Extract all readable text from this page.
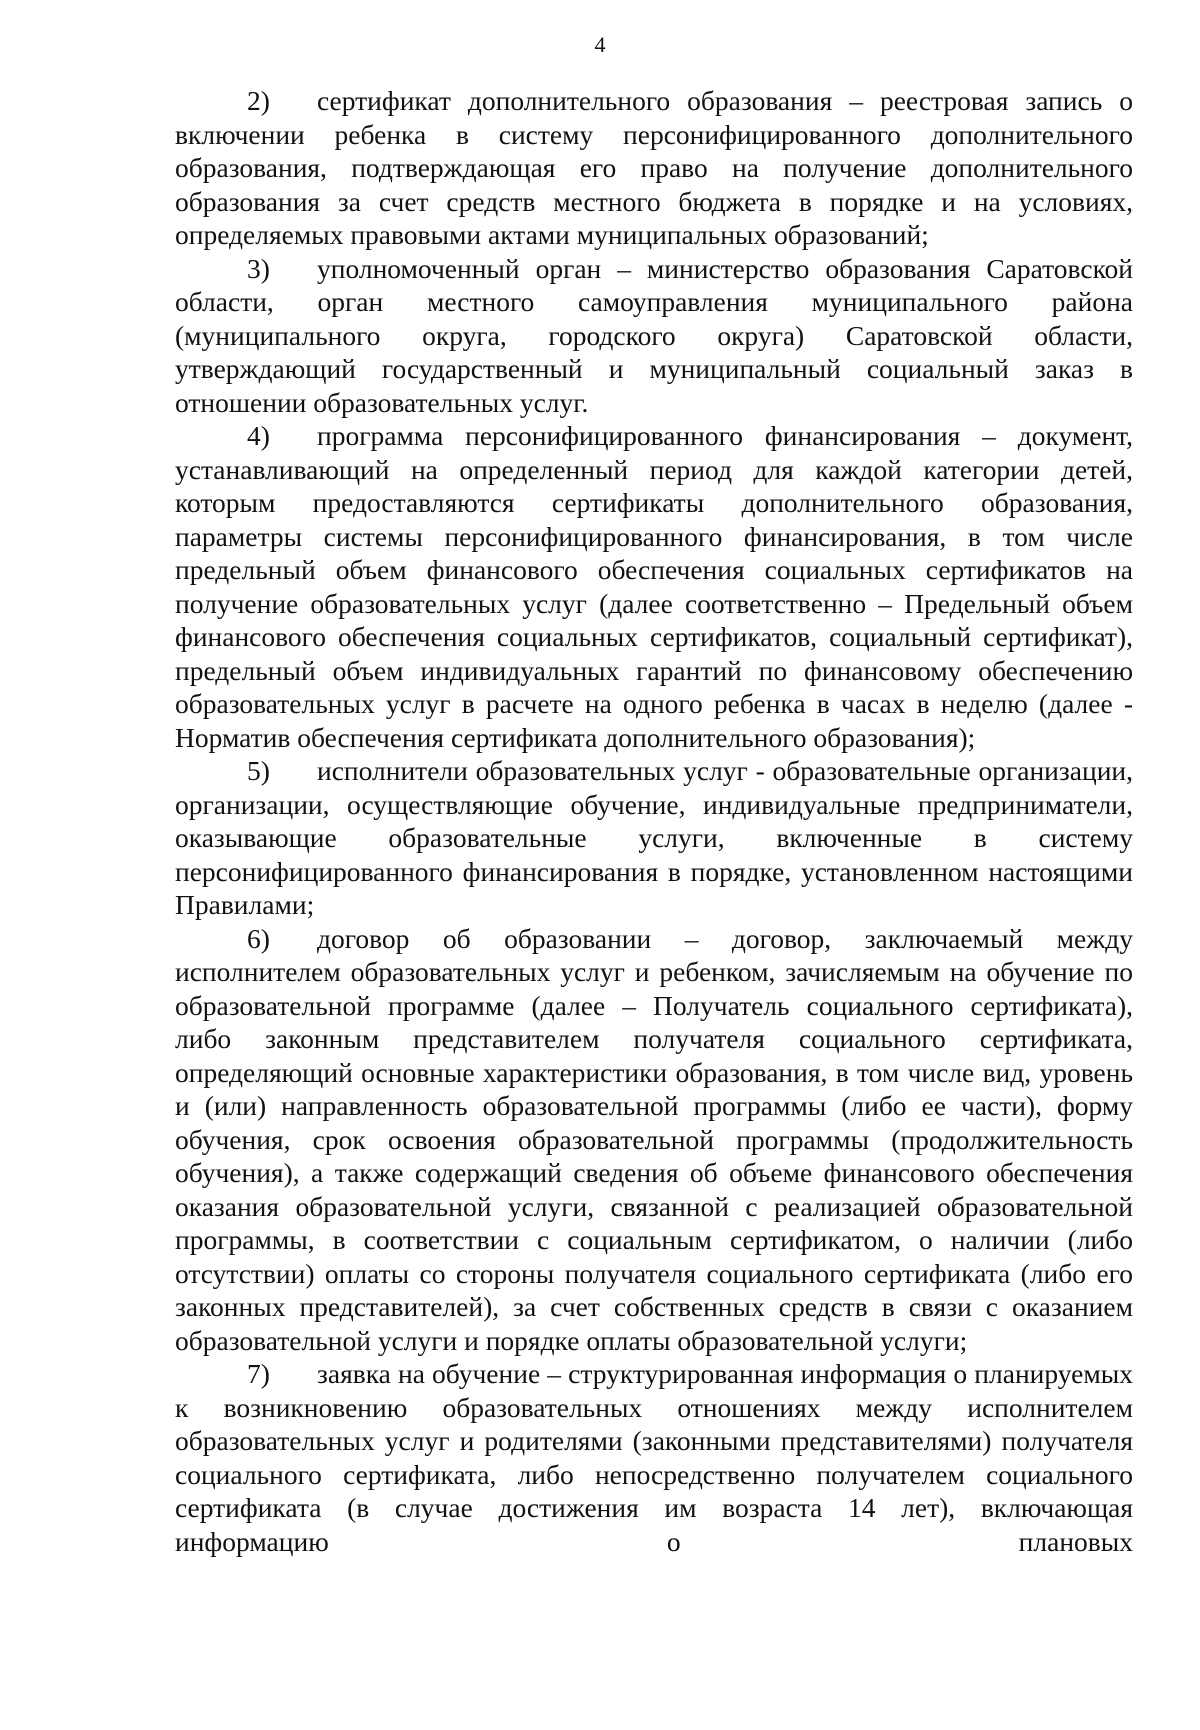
4

2) сертификат дополнительного образования – реестровая запись о включении ребенка в систему персонифицированного дополнительного образования, подтверждающая его право на получение дополнительного образования за счет средств местного бюджета в порядке и на условиях, определяемых правовыми актами муниципальных образований;

3) уполномоченный орган – министерство образования Саратовской области, орган местного самоуправления муниципального района (муниципального округа, городского округа) Саратовской области, утверждающий государственный и муниципальный социальный заказ в отношении образовательных услуг.

4) программа персонифицированного финансирования – документ, устанавливающий на определенный период для каждой категории детей, которым предоставляются сертификаты дополнительного образования, параметры системы персонифицированного финансирования, в том числе предельный объем финансового обеспечения социальных сертификатов на получение образовательных услуг (далее соответственно – Предельный объем финансового обеспечения социальных сертификатов, социальный сертификат), предельный объем индивидуальных гарантий по финансовому обеспечению образовательных услуг в расчете на одного ребенка в часах в неделю (далее - Норматив обеспечения сертификата дополнительного образования);

5) исполнители образовательных услуг - образовательные организации, организации, осуществляющие обучение, индивидуальные предприниматели, оказывающие образовательные услуги, включенные в систему персонифицированного финансирования в порядке, установленном настоящими Правилами;

6) договор об образовании – договор, заключаемый между исполнителем образовательных услуг и ребенком, зачисляемым на обучение по образовательной программе (далее – Получатель социального сертификата), либо законным представителем получателя социального сертификата, определяющий основные характеристики образования, в том числе вид, уровень и (или) направленность образовательной программы (либо ее части), форму обучения, срок освоения образовательной программы (продолжительность обучения), а также содержащий сведения об объеме финансового обеспечения оказания образовательной услуги, связанной с реализацией образовательной программы, в соответствии с социальным сертификатом, о наличии (либо отсутствии) оплаты со стороны получателя социального сертификата (либо его законных представителей), за счет собственных средств в связи с оказанием образовательной услуги и порядке оплаты образовательной услуги;

7) заявка на обучение – структурированная информация о планируемых к возникновению образовательных отношениях между исполнителем образовательных услуг и родителями (законными представителями) получателя социального сертификата, либо непосредственно получателем социального сертификата (в случае достижения им возраста 14 лет), включающая информацию о плановых
